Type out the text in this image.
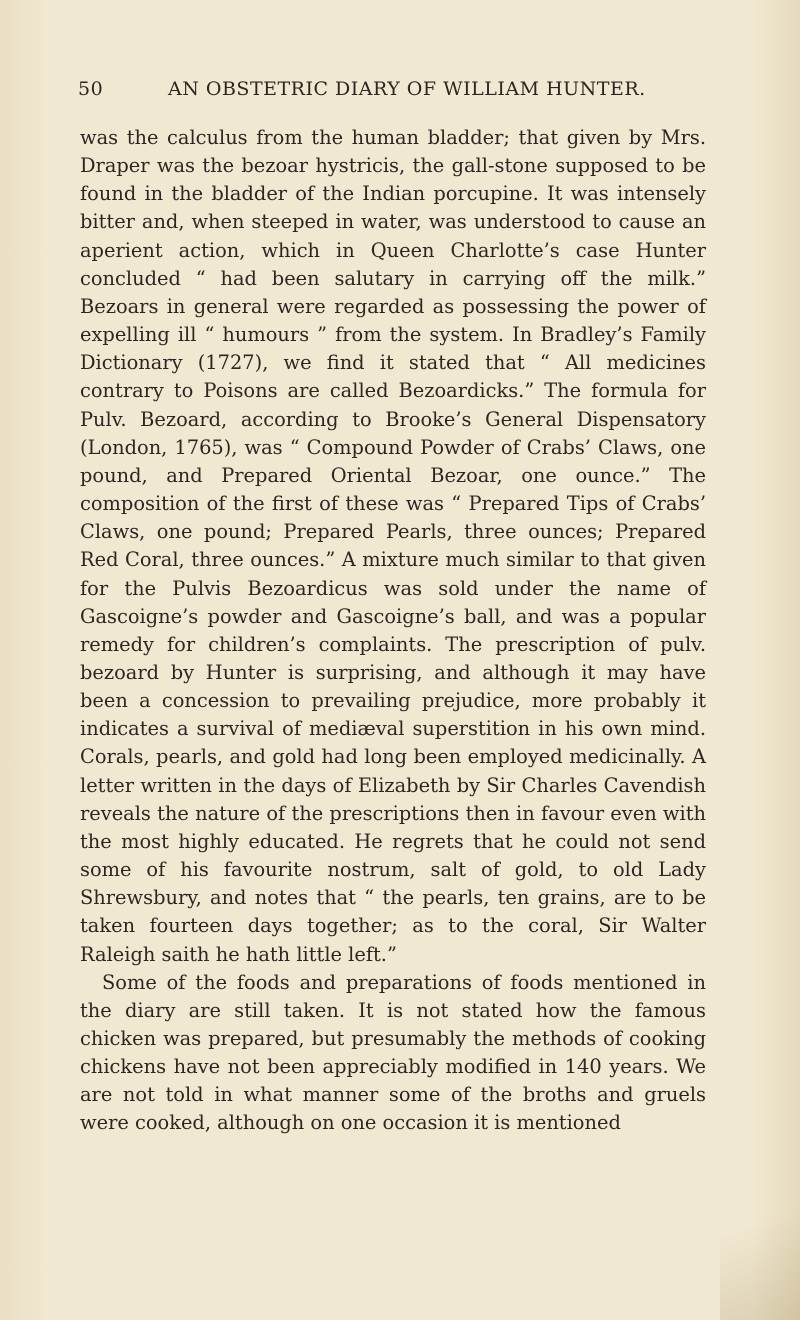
50	AN OBSTETRIC DIARY OF WILLIAM HUNTER.

was the calculus from the human bladder; that given by Mrs. Draper was the bezoar hystricis, the gall-stone supposed to be found in the bladder of the Indian porcupine. It was intensely bitter and, when steeped in water, was understood to cause an aperient action, which in Queen Charlotte’s case Hunter concluded “ had been salutary in carrying off the milk.” Bezoars in general were regarded as possessing the power of expelling ill “ humours ” from the system. In Bradley’s Family Dictionary (1727), we find it stated that “ All medicines contrary to Poisons are called Bezoardicks.” The formula for Pulv. Bezoard, according to Brooke’s General Dispensatory (London, 1765), was “ Compound Powder of Crabs’ Claws, one pound, and Prepared Oriental Bezoar, one ounce.” The composition of the first of these was “ Prepared Tips of Crabs’ Claws, one pound; Prepared Pearls, three ounces; Prepared Red Coral, three ounces.” A mixture much similar to that given for the Pulvis Bezoardicus was sold under the name of Gascoigne’s powder and Gascoigne’s ball, and was a popular remedy for children’s complaints. The prescription of pulv. bezoard by Hunter is surprising, and although it may have been a concession to prevailing prejudice, more probably it indicates a survival of mediæval superstition in his own mind. Corals, pearls, and gold had long been employed medicinally. A letter written in the days of Elizabeth by Sir Charles Cavendish reveals the nature of the prescriptions then in favour even with the most highly educated. He regrets that he could not send some of his favourite nostrum, salt of gold, to old Lady Shrewsbury, and notes that “ the pearls, ten grains, are to be taken fourteen days together; as to the coral, Sir Walter Raleigh saith he hath little left.”

Some of the foods and preparations of foods mentioned in the diary are still taken. It is not stated how the famous chicken was prepared, but presumably the methods of cooking chickens have not been appreciably modified in 140 years. We are not told in what manner some of the broths and gruels were cooked, although on one occasion it is mentioned
